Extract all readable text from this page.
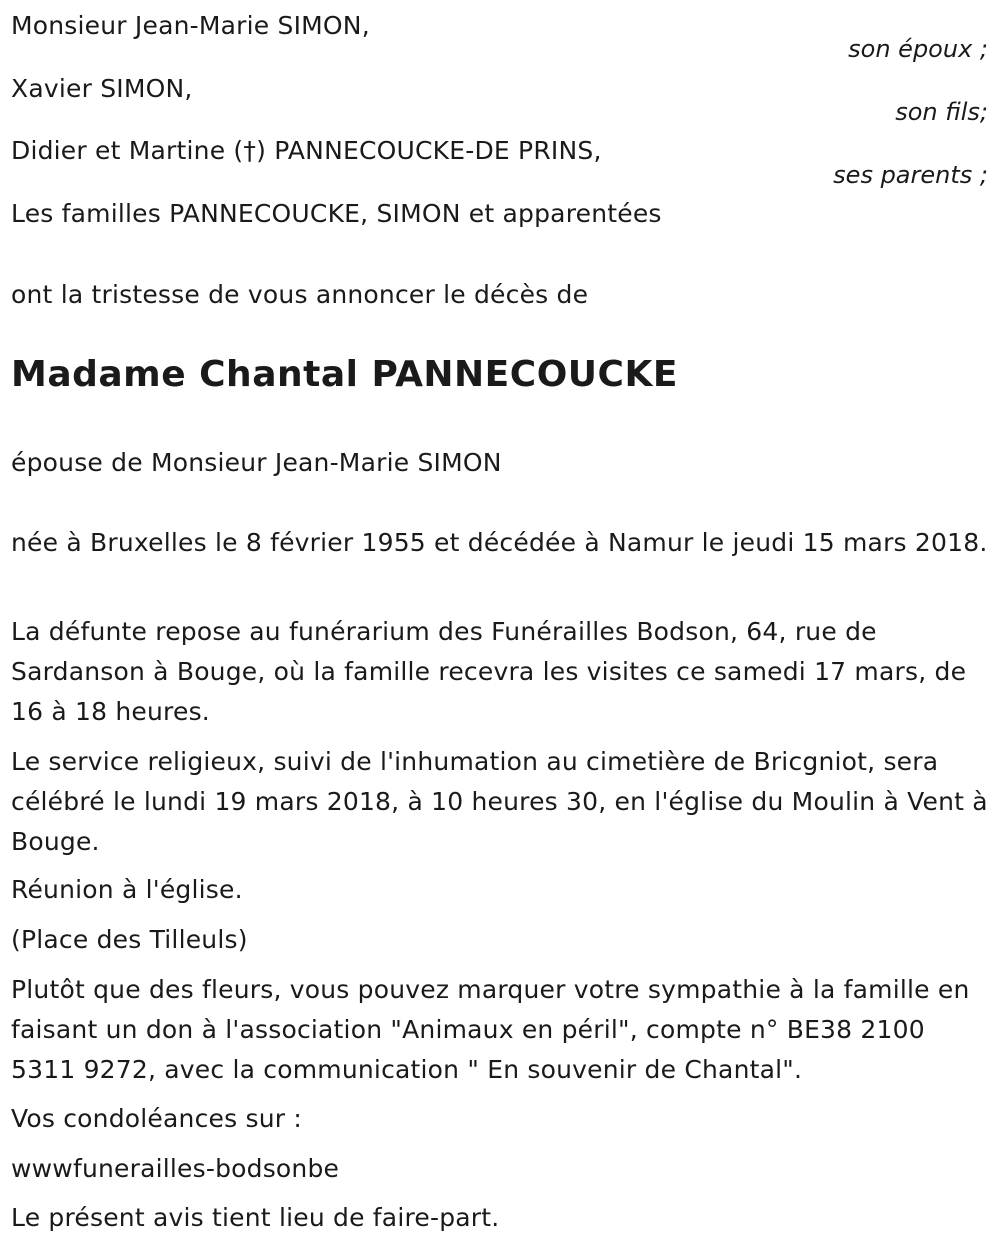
Monsieur Jean-Marie SIMON,
son époux ;
Xavier SIMON,
son fils;
Didier et Martine (†) PANNECOUCKE-DE PRINS,
ses parents ;
Les familles PANNECOUCKE, SIMON et apparentées
ont la tristesse de vous annoncer le décès de
Madame Chantal PANNECOUCKE
épouse de Monsieur Jean-Marie SIMON
née à Bruxelles le 8 février 1955 et décédée à Namur le jeudi 15 mars 2018.
La défunte repose au funérarium des Funérailles Bodson, 64, rue de Sardanson à Bouge, où la famille recevra les visites ce samedi 17 mars, de 16 à 18 heures.
Le service religieux, suivi de l'inhumation au cimetière de Bricgniot, sera célébré le lundi 19 mars 2018, à 10 heures 30, en l'église du Moulin à Vent à Bouge.
Réunion à l'église.
(Place des Tilleuls)
Plutôt que des fleurs, vous pouvez marquer votre sympathie à la famille en faisant un don à l'association "Animaux en péril", compte n° BE38 2100 5311 9272, avec la communication " En souvenir de Chantal".
Vos condoléances sur :
wwwfunerailles-bodsonbe
Le présent avis tient lieu de faire-part.
